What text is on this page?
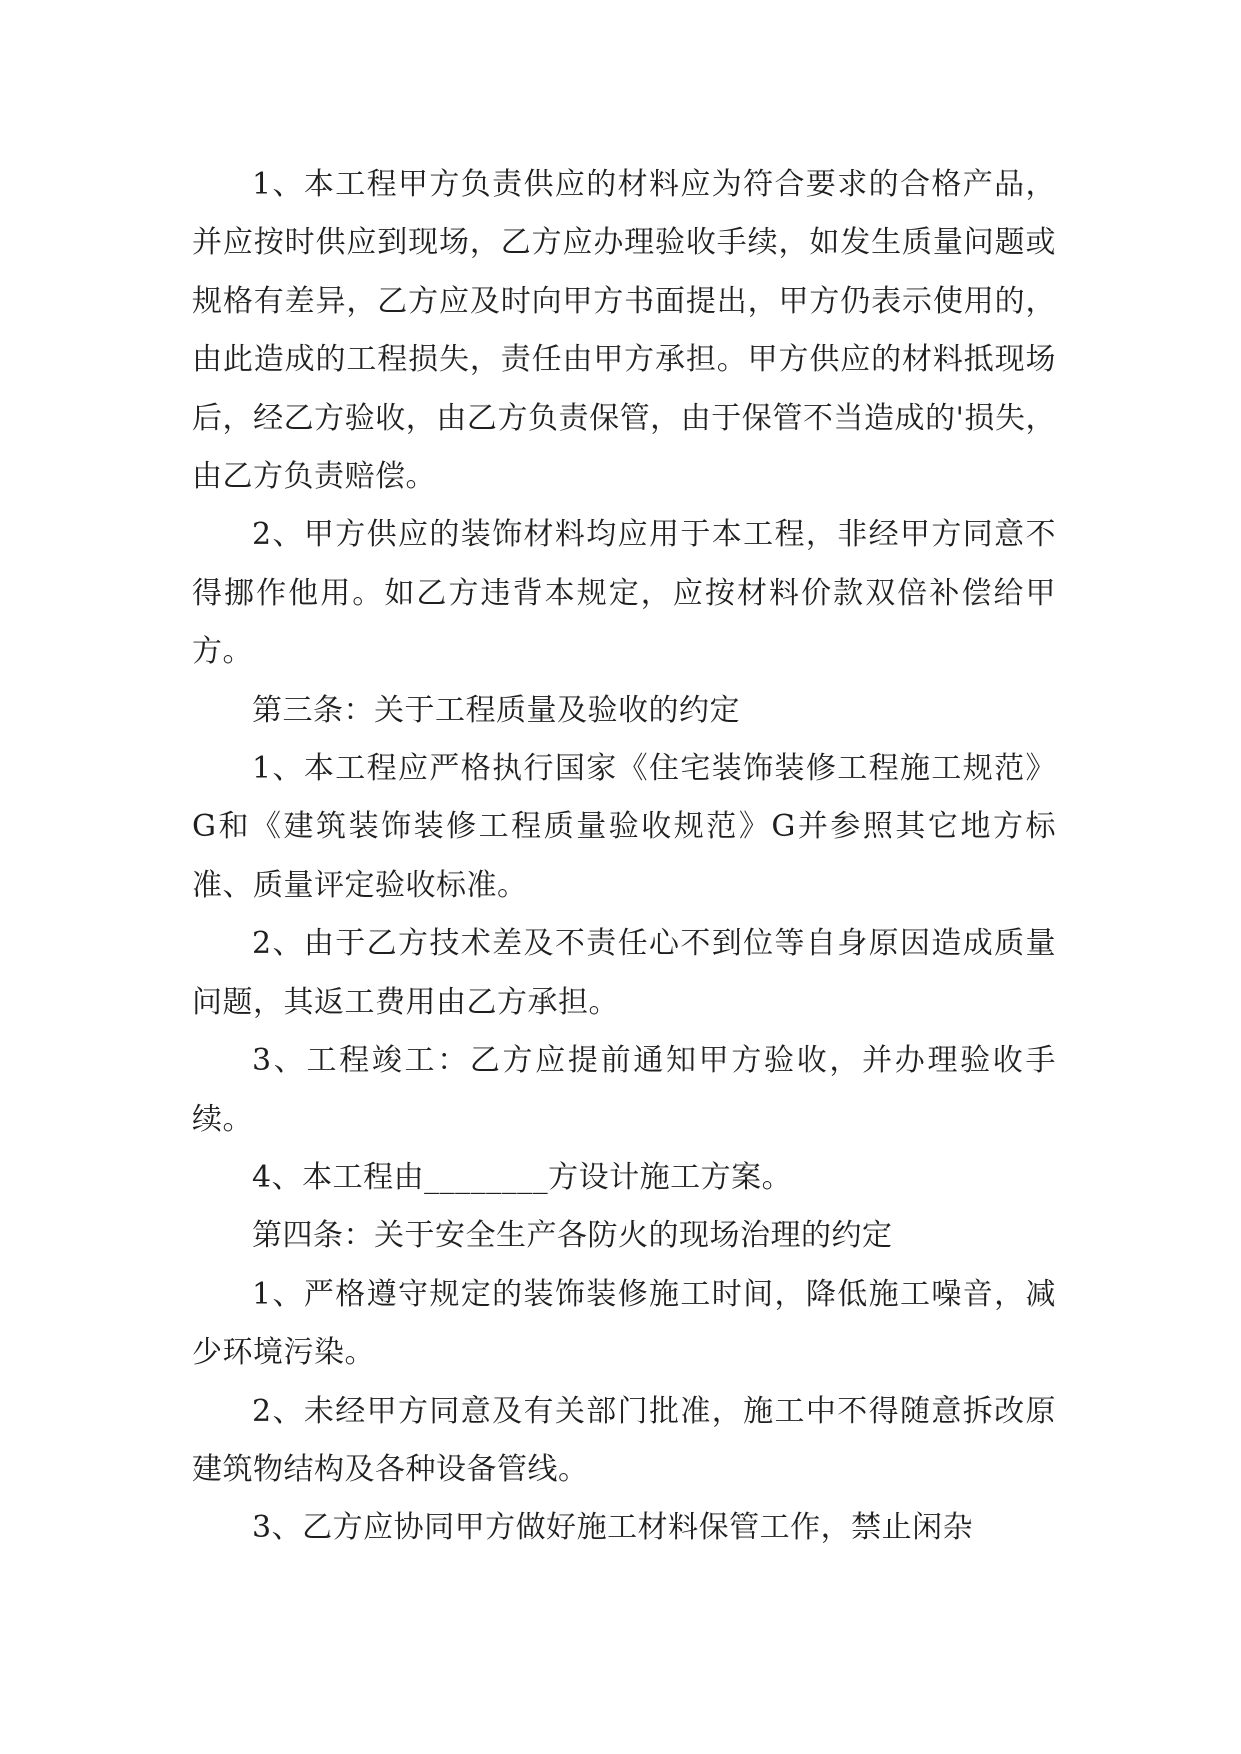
1、本工程甲方负责供应的材料应为符合要求的合格产品，并应按时供应到现场，乙方应办理验收手续，如发生质量问题或规格有差异，乙方应及时向甲方书面提出，甲方仍表示使用的，由此造成的工程损失，责任由甲方承担。甲方供应的材料抵现场后，经乙方验收，由乙方负责保管，由于保管不当造成的'损失，由乙方负责赔偿。

2、甲方供应的装饰材料均应用于本工程，非经甲方同意不得挪作他用。如乙方违背本规定，应按材料价款双倍补偿给甲方。

第三条：关于工程质量及验收的约定

1、本工程应严格执行国家《住宅装饰装修工程施工规范》G和《建筑装饰装修工程质量验收规范》G并参照其它地方标准、质量评定验收标准。

2、由于乙方技术差及不责任心不到位等自身原因造成质量问题，其返工费用由乙方承担。

3、工程竣工：乙方应提前通知甲方验收，并办理验收手续。

4、本工程由________方设计施工方案。

第四条：关于安全生产各防火的现场治理的约定

1、严格遵守规定的装饰装修施工时间，降低施工噪音，减少环境污染。

2、未经甲方同意及有关部门批准，施工中不得随意拆改原建筑物结构及各种设备管线。

3、乙方应协同甲方做好施工材料保管工作，禁止闲杂
